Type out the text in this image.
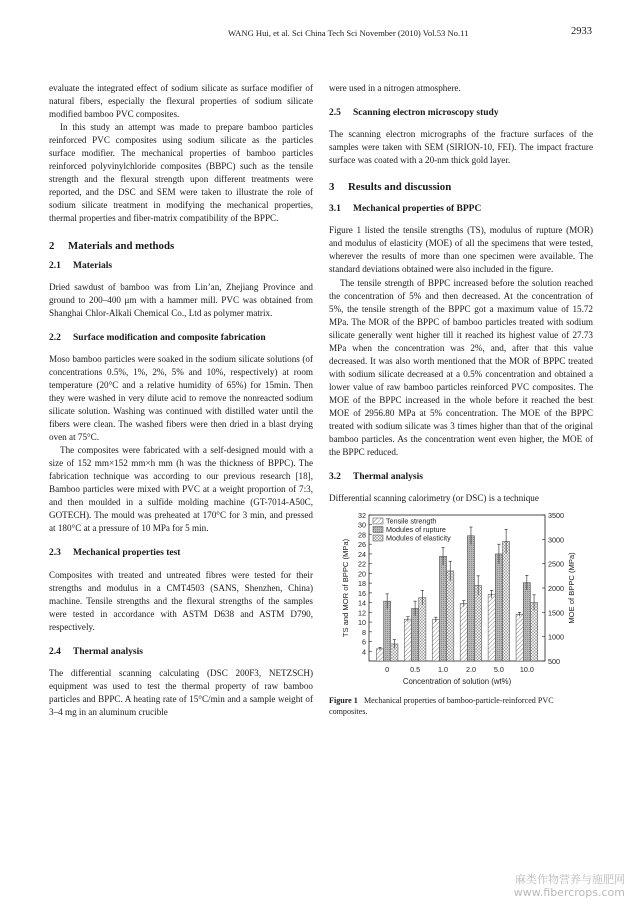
WANG Hui, et al. Sci China Tech Sci November (2010) Vol.53 No.11	2933

evaluate the integrated effect of sodium silicate as surface modifier of natural fibers, especially the flexural properties of sodium silicate modified bamboo PVC composites.

In this study an attempt was made to prepare bamboo particles reinforced PVC composites using sodium silicate as the particles surface modifier. The mechanical properties of bamboo particles reinforced polyvinylchloride composites (BBPC) such as the tensile strength and the flexural strength upon different treatments were reported, and the DSC and SEM were taken to illustrate the role of sodium silicate treatment in modifying the mechanical properties, thermal properties and fiber-matrix compatibility of the BPPC.

2 Materials and methods
2.1 Materials

Dried sawdust of bamboo was from Lin’an, Zhejiang Province and ground to 200–400 μm with a hammer mill. PVC was obtained from Shanghai Chlor-Alkali Chemical Co., Ltd as polymer matrix.

2.2 Surface modification and composite fabrication

Moso bamboo particles were soaked in the sodium silicate solutions (of concentrations 0.5%, 1%, 2%, 5% and 10%, respectively) at room temperature (20°C and a relative humidity of 65%) for 15min. Then they were washed in very dilute acid to remove the nonreacted sodium silicate solution. Washing was continued with distilled water until the fibers were clean. The washed fibers were then dried in a blast drying oven at 75°C.

The composites were fabricated with a self-designed mould with a size of 152 mm×152 mm×h mm (h was the thickness of BPPC). The fabrication technique was according to our previous research [18], Bamboo particles were mixed with PVC at a weight proportion of 7:3, and then moulded in a sulfide molding machine (GT-7014-A50C, GOTECH). The mould was preheated at 170°C for 3 min, and pressed at 180°C at a pressure of 10 MPa for 5 min.

2.3 Mechanical properties test

Composites with treated and untreated fibres were tested for their strengths and modulus in a CMT4503 (SANS, Shenzhen, China) machine. Tensile strengths and the flexural strengths of the samples were tested in accordance with ASTM D638 and ASTM D790, respectively.

2.4 Thermal analysis

The differential scanning calculating (DSC 200F3, NETZSCH) equipment was used to test the thermal property of raw bamboo particles and BPPC. A heating rate of 15°C/min and a sample weight of 3–4 mg in an aluminum crucible

were used in a nitrogen atmosphere.

2.5 Scanning electron microscopy study

The scanning electron micrographs of the fracture surfaces of the samples were taken with SEM (SIRION-10, FEI). The impact fracture surface was coated with a 20-nm thick gold layer.

3 Results and discussion
3.1 Mechanical properties of BPPC

Figure 1 listed the tensile strengths (TS), modulus of rupture (MOR) and modulus of elasticity (MOE) of all the specimens that were tested, wherever the results of more than one specimen were available. The standard deviations obtained were also included in the figure.

The tensile strength of BPPC increased before the solution reached the concentration of 5% and then decreased. At the concentration of 5%, the tensile strength of the BPPC got a maximum value of 15.72 MPa. The MOR of the BPPC of bamboo particles treated with sodium silicate generally went higher till it reached its highest value of 27.73 MPa when the concentration was 2%, and, after that this value decreased. It was also worth mentioned that the MOR of BPPC treated with sodium silicate decreased at a 0.5% concentration and obtained a lower value of raw bamboo particles reinforced PVC composites. The MOE of the BPPC increased in the whole before it reached the best MOE of 2956.80 MPa at 5% concentration. The MOE of the BPPC treated with sodium silicate was 3 times higher than that of the original bamboo particles. As the concentration went even higher, the MOE of the BPPC reduced.

3.2 Thermal analysis

Differential scanning calorimetry (or DSC) is a technique

4
6
8
10
12
14
16
18
20
22
24
26
28
30
32
500
1000
1500
2000
2500
3000
3500
0	0.5 1.0 2.0 5.0 10.0
Concentration of solution (wt%)
TS and MOR of BPPC (MPa)	MOE of BPPC (MPa)
Tensile strength
Modules of rupture
Modules of elasticity
Figure 1 Mechanical properties of bamboo-particle-reinforced PVC composites.
麻类作物营养与施肥网
www.fibercrops.com
